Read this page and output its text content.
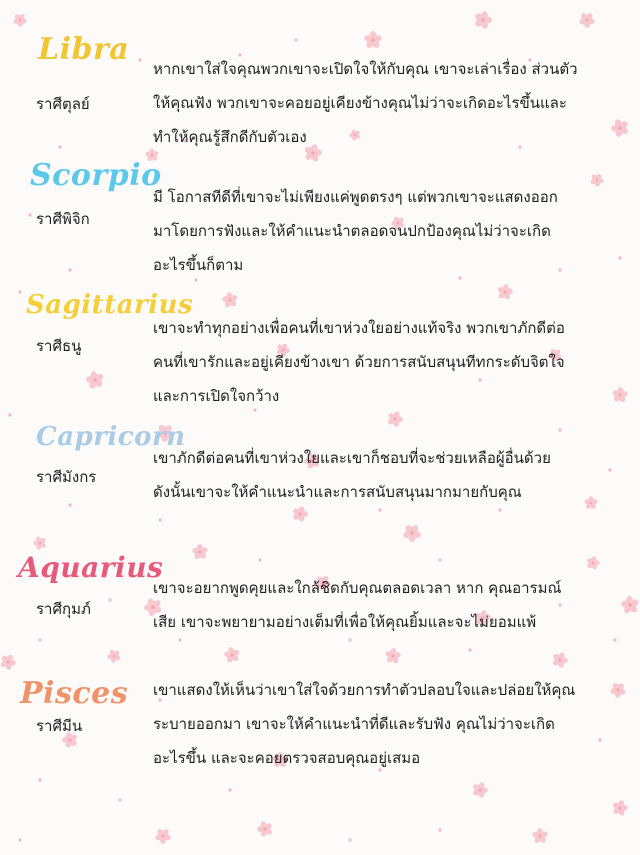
Libra
ราศีตุลย์
หากเขาใส่ใจคุณพวกเขาจะเปิดใจให้กับคุณ เขาจะเล่าเรื่อง ส่วนตัว
ให้คุณฟัง พวกเขาจะคอยอยู่เคียงข้างคุณไม่ว่าจะเกิดอะไรขึ้นและ
ทำให้คุณรู้สึกดีกับตัวเอง
Scorpio
ราศีพิจิก
มี โอกาสทีดีที่เขาจะไม่เพียงแค่พูดตรงๆ แต่พวกเขาจะแสดงออก
มาโดยการฟังและให้คำแนะนำตลอดจนปกป้องคุณไม่ว่าจะเกิด
อะไรขึ้นก็ตาม
Sagittarius
ราศีธนู
เขาจะทำทุกอย่างเพื่อคนที่เขาห่วงใยอย่างแท้จริง พวกเขาภักดีต่อ
คนที่เขารักและอยู่เคียงข้างเขา ด้วยการสนับสนุนทีทกระดับจิตใจ
และการเปิดใจกว้าง
Capricorn
ราศีมังกร
เขาภักดีต่อคนที่เขาห่วงใยและเขาก็ชอบที่จะช่วยเหลือผู้อื่นด้วย
ดังนั้นเขาจะให้คำแนะนำและการสนับสนุนมากมายกับคุณ
Aquarius
ราศีกุมภ์
เขาจะอยากพูดคุยและใกล้ชิดกับคุณตลอดเวลา หาก คุณอารมณ์
เสีย เขาจะพยายามอย่างเต็มที่เพื่อให้คุณยิ้มและจะไม่ยอมแพ้
Pisces
ราศีมีน
เขาแสดงให้เห็นว่าเขาใส่ใจด้วยการทำตัวปลอบใจและปล่อยให้คุณ
ระบายออกมา เขาจะให้คำแนะนำที่ดีและรับฟัง คุณไม่ว่าจะเกิด
อะไรขึ้น และจะคอยตรวจสอบคุณอยู่เสมอ
